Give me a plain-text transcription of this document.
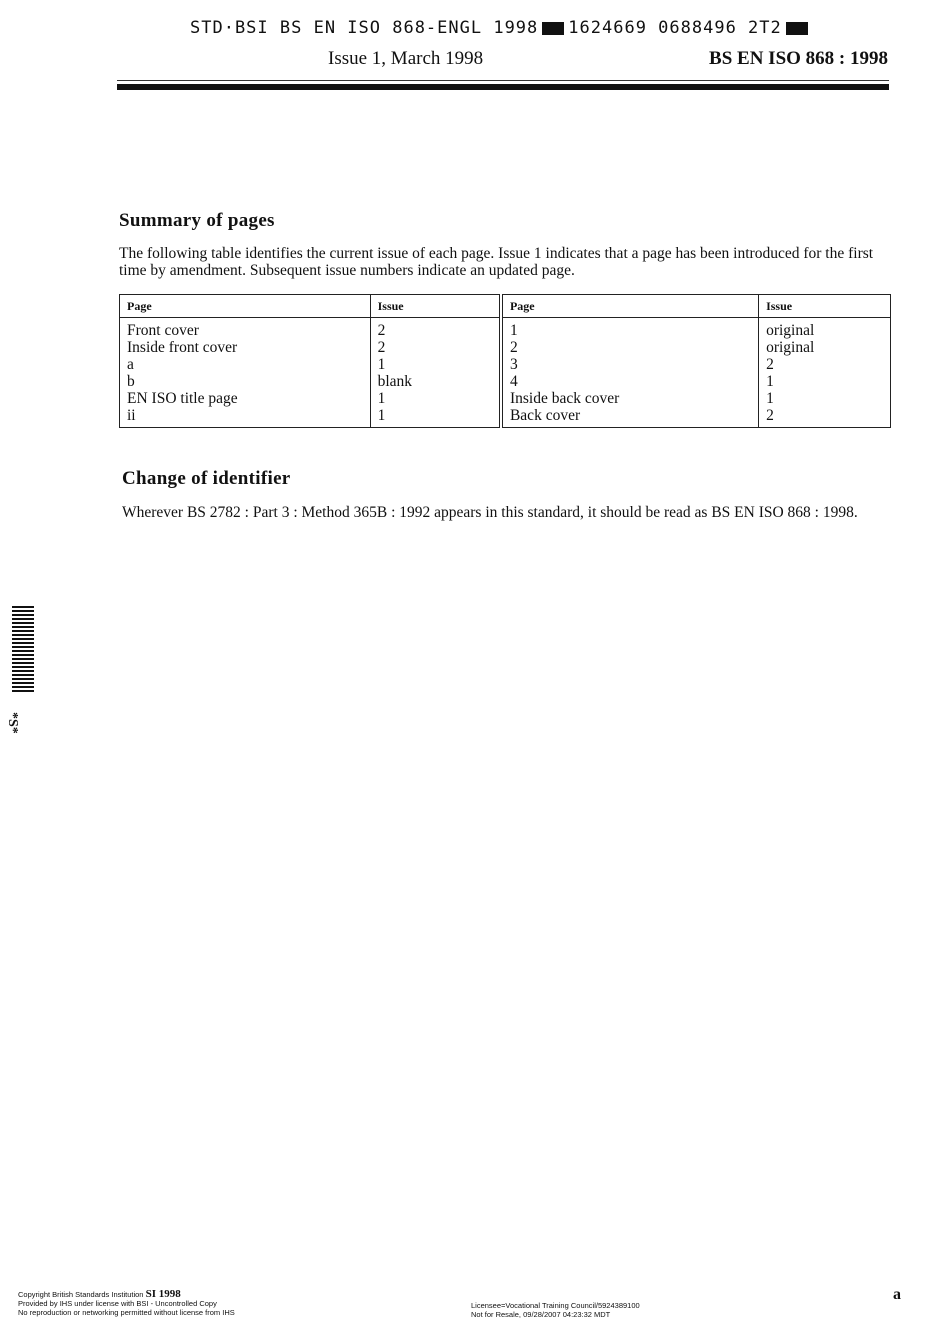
STD·BSI BS EN ISO 868-ENGL 1998 1624669 0688496 2T2
Issue 1, March 1998	BS EN ISO 868 : 1998
Summary of pages

The following table identifies the current issue of each page. Issue 1 indicates that a page has been introduced for the first time by amendment. Subsequent issue numbers indicate an updated page.

Page	Issue	Page	Issue
Front cover	2	1	original
Inside front cover	2	2	original
a	1	3	2
b	blank	4	1
EN ISO title page	1	Inside back cover	1
ii	1	Back cover	2
Change of identifier

Wherever BS 2782 : Part 3 : Method 365B : 1992 appears in this standard, it should be read as BS EN ISO 868 : 1998.

*S*
Copyright British Standards Institution SI 1998
Provided by IHS under license with BSI - Uncontrolled Copy
No reproduction or networking permitted without license from IHS
Licensee=Vocational Training Council/5924389100
Not for Resale, 09/28/2007 04:23:32 MDT
a
